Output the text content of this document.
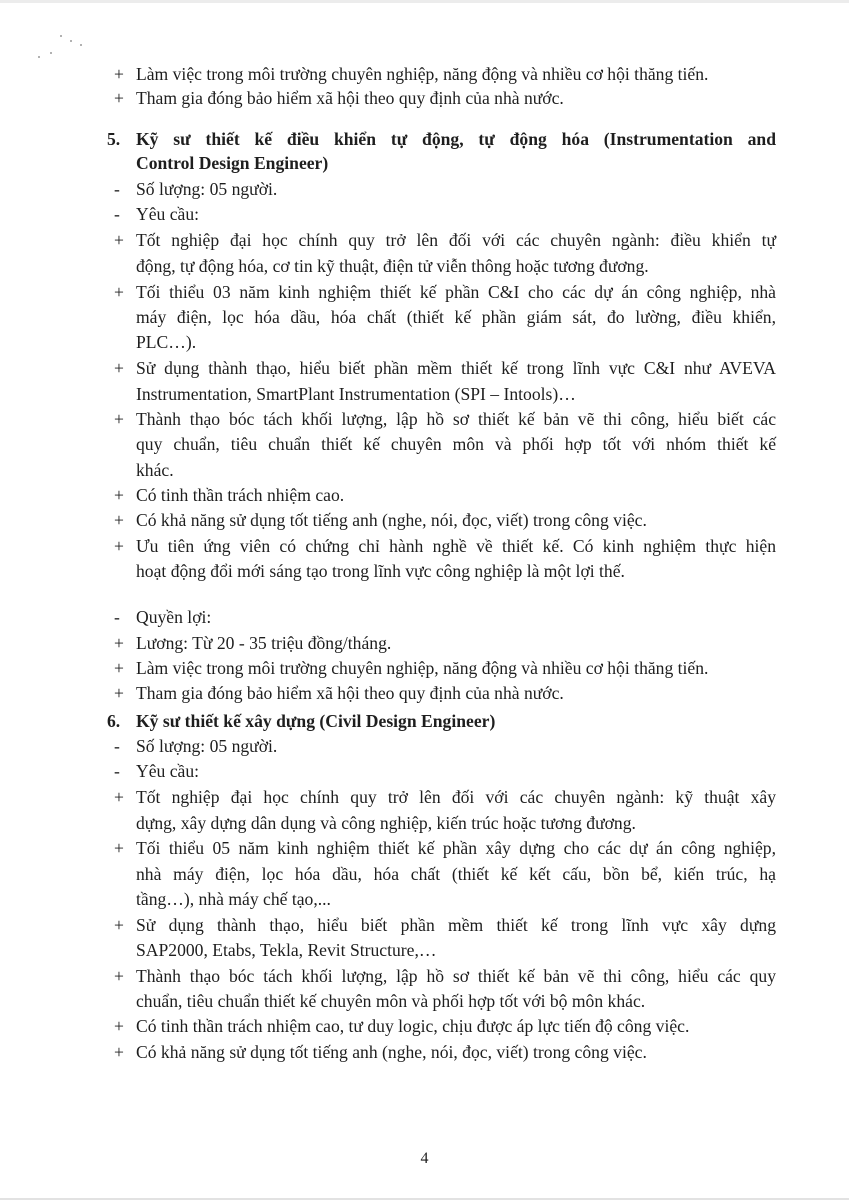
+ Làm việc trong môi trường chuyên nghiệp, năng động và nhiều cơ hội thăng tiến.
+ Tham gia đóng bảo hiểm xã hội theo quy định của nhà nước.
5. Kỹ sư thiết kế điều khiển tự động, tự động hóa (Instrumentation and
Control Design Engineer)
- Số lượng: 05 người.
- Yêu cầu:
+ Tốt nghiệp đại học chính quy trở lên đối với các chuyên ngành: điều khiển tự
động, tự động hóa, cơ tin kỹ thuật, điện tử viễn thông hoặc tương đương.
+ Tối thiểu 03 năm kinh nghiệm thiết kế phần C&I cho các dự án công nghiệp, nhà
máy điện, lọc hóa dầu, hóa chất (thiết kế phần giám sát, đo lường, điều khiển,
PLC…).
+ Sử dụng thành thạo, hiểu biết phần mềm thiết kế trong lĩnh vực C&I như AVEVA
Instrumentation, SmartPlant Instrumentation (SPI – Intools)…
+ Thành thạo bóc tách khối lượng, lập hồ sơ thiết kế bản vẽ thi công, hiểu biết các
quy chuẩn, tiêu chuẩn thiết kế chuyên môn và phối hợp tốt với nhóm thiết kế
khác.
+ Có tinh thần trách nhiệm cao.
+ Có khả năng sử dụng tốt tiếng anh (nghe, nói, đọc, viết) trong công việc.
+ Ưu tiên ứng viên có chứng chỉ hành nghề về thiết kế. Có kinh nghiệm thực hiện
hoạt động đổi mới sáng tạo trong lĩnh vực công nghiệp là một lợi thế.
- Quyền lợi:
+ Lương: Từ 20 - 35 triệu đồng/tháng.
+ Làm việc trong môi trường chuyên nghiệp, năng động và nhiều cơ hội thăng tiến.
+ Tham gia đóng bảo hiểm xã hội theo quy định của nhà nước.
6. Kỹ sư thiết kế xây dựng (Civil Design Engineer)
- Số lượng: 05 người.
- Yêu cầu:
+ Tốt nghiệp đại học chính quy trở lên đối với các chuyên ngành: kỹ thuật xây
dựng, xây dựng dân dụng và công nghiệp, kiến trúc hoặc tương đương.
+ Tối thiểu 05 năm kinh nghiệm thiết kế phần xây dựng cho các dự án công nghiệp,
nhà máy điện, lọc hóa dầu, hóa chất (thiết kế kết cấu, bồn bể, kiến trúc, hạ
tầng…), nhà máy chế tạo,...
+ Sử dụng thành thạo, hiểu biết phần mềm thiết kế trong lĩnh vực xây dựng
SAP2000, Etabs, Tekla, Revit Structure,…
+ Thành thạo bóc tách khối lượng, lập hồ sơ thiết kế bản vẽ thi công, hiểu các quy
chuẩn, tiêu chuẩn thiết kế chuyên môn và phối hợp tốt với bộ môn khác.
+ Có tinh thần trách nhiệm cao, tư duy logic, chịu được áp lực tiến độ công việc.
+ Có khả năng sử dụng tốt tiếng anh (nghe, nói, đọc, viết) trong công việc.
4
